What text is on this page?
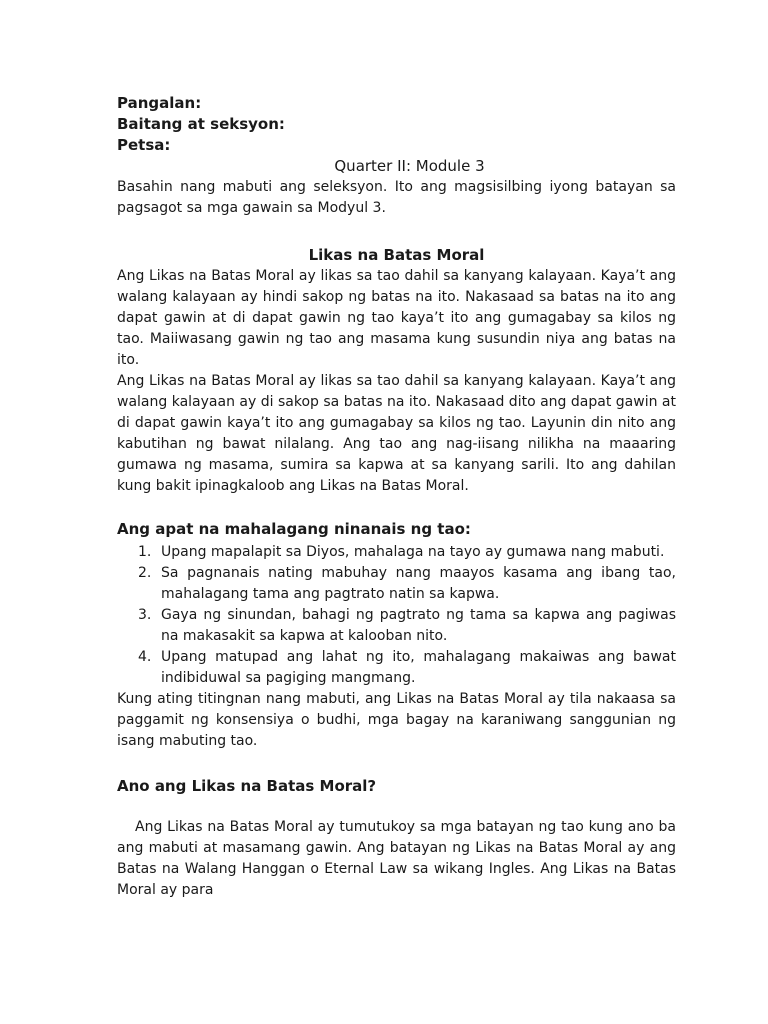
Pangalan:
Baitang at seksyon:
Petsa:
Quarter II: Module 3

Basahin nang mabuti ang seleksyon. Ito ang magsisilbing iyong batayan sa pagsagot sa mga gawain sa Modyul 3.

Likas na Batas Moral

Ang Likas na Batas Moral ay likas sa tao dahil sa kanyang kalayaan. Kaya’t ang walang kalayaan ay hindi sakop ng batas na ito. Nakasaad sa batas na ito ang dapat gawin at di dapat gawin ng tao kaya’t ito ang gumagabay sa kilos ng tao. Maiiwasang gawin ng tao ang masama kung susundin niya ang batas na ito.

Ang Likas na Batas Moral ay likas sa tao dahil sa kanyang kalayaan. Kaya’t ang walang kalayaan ay di sakop sa batas na ito. Nakasaad dito ang dapat gawin at di dapat gawin kaya’t ito ang gumagabay sa kilos ng tao. Layunin din nito ang kabutihan ng bawat nilalang. Ang tao ang nag-iisang nilikha na maaaring gumawa ng masama, sumira sa kapwa at sa kanyang sarili. Ito ang dahilan kung bakit ipinagkaloob ang Likas na Batas Moral.

Ang apat na mahalagang ninanais ng tao:
1. Upang mapalapit sa Diyos, mahalaga na tayo ay gumawa nang mabuti.
2. Sa pagnanais nating mabuhay nang maayos kasama ang ibang tao, mahalagang tama ang pagtrato natin sa kapwa.
3. Gaya ng sinundan, bahagi ng pagtrato ng tama sa kapwa ang pagiwas na makasakit sa kapwa at kalooban nito.
4. Upang matupad ang lahat ng ito, mahalagang makaiwas ang bawat indibiduwal sa pagiging mangmang.

Kung ating titingnan nang mabuti, ang Likas na Batas Moral ay tila nakaasa sa paggamit ng konsensiya o budhi, mga bagay na karaniwang sanggunian ng isang mabuting tao.

Ano ang Likas na Batas Moral?

Ang Likas na Batas Moral ay tumutukoy sa mga batayan ng tao kung ano ba ang mabuti at masamang gawin. Ang batayan ng Likas na Batas Moral ay ang Batas na Walang Hanggan o Eternal Law sa wikang Ingles. Ang Likas na Batas Moral ay para
